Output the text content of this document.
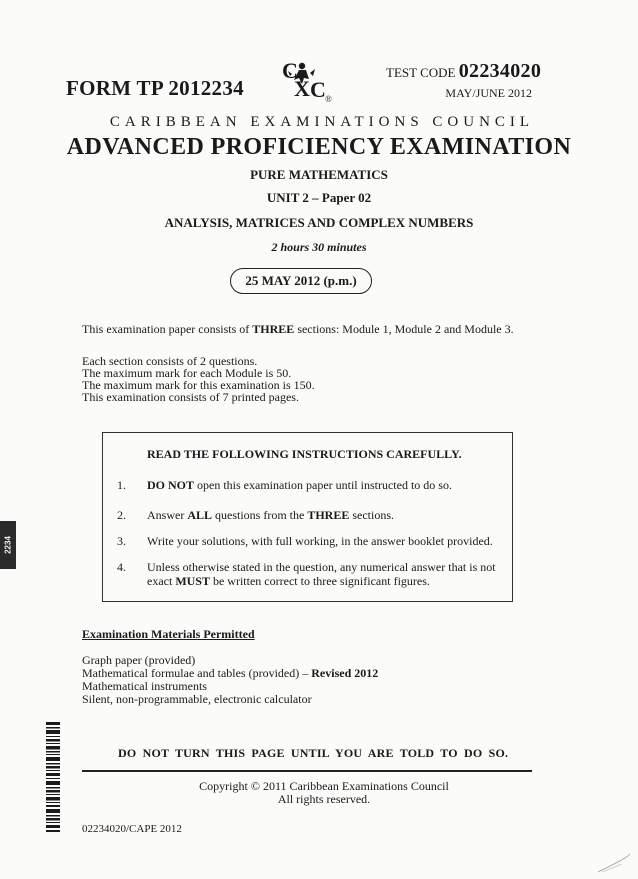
FORM TP 2012234
C
X C ®
TEST CODE 02234020
MAY/JUNE 2012
CARIBBEAN EXAMINATIONS COUNCIL
ADVANCED PROFICIENCY EXAMINATION
PURE MATHEMATICS
UNIT 2 – Paper 02
ANALYSIS, MATRICES AND COMPLEX NUMBERS
2 hours 30 minutes
25 MAY 2012 (p.m.)
This examination paper consists of THREE sections: Module 1, Module 2 and Module 3.
Each section consists of 2 questions.
The maximum mark for each Module is 50.
The maximum mark for this examination is 150.
This examination consists of 7 printed pages.
READ THE FOLLOWING INSTRUCTIONS CAREFULLY.
1. DO NOT open this examination paper until instructed to do so.
2. Answer ALL questions from the THREE sections.
3. Write your solutions, with full working, in the answer booklet provided.
4. Unless otherwise stated in the question, any numerical answer that is not exact MUST be written correct to three significant figures.
Examination Materials Permitted
Graph paper (provided)
Mathematical formulae and tables (provided) – Revised 2012
Mathematical instruments
Silent, non-programmable, electronic calculator
DO NOT TURN THIS PAGE UNTIL YOU ARE TOLD TO DO SO.
Copyright © 2011 Caribbean Examinations Council
All rights reserved.
02234020/CAPE 2012
2234
